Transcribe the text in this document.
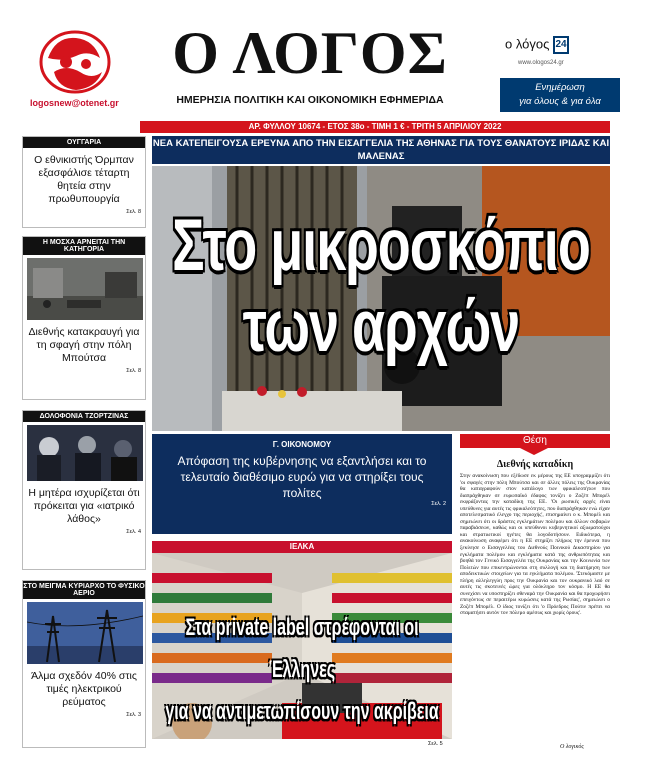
logosnew@otenet.gr
Ο ΛΟΓΟΣ
ΗΜΕΡΗΣΙΑ ΠΟΛΙΤΙΚΗ ΚΑΙ ΟΙΚΟΝΟΜΙΚΗ ΕΦΗΜΕΡΙΔΑ
ο λόγος 24
www.ologos24.gr
Ενημέρωση
για όλους & για όλα
ΑΡ. ΦΥΛΛΟΥ 10674 - ΕΤΟΣ 38ο - ΤΙΜΗ 1 € - ΤΡΙΤΗ 5 ΑΠΡΙΛΙΟΥ 2022
ΟΥΓΓΑΡΙΑ
Ο εθνικιστής Όρμπαν εξασφάλισε τέταρτη θητεία στην πρωθυπουργία
Σελ. 8
Η ΜΟΣΧΑ ΑΡΝΕΙΤΑΙ ΤΗΝ ΚΑΤΗΓΟΡΙΑ
Διεθνής κατακραυγή για τη σφαγή στην πόλη Μπoύτσα
Σελ. 8
ΔΟΛΟΦΟΝΙΑ ΤΖΟΡΤΖΙΝΑΣ
Η μητέρα ισχυρίζεται ότι πρόκειται για «ιατρικό λάθος»
Σελ. 4
ΣΤΟ ΜΕΙΓΜΑ ΚΥΡΙΑΡΧΟ ΤΟ ΦΥΣΙΚΟ ΑΕΡΙΟ
Άλμα σχεδόν 40% στις τιμές ηλεκτρικού ρεύματος
Σελ. 3
ΝΕΑ ΚΑΤΕΠΕΙΓΟΥΣΑ ΕΡΕΥΝΑ ΑΠΟ ΤΗΝ ΕΙΣΑΓΓΕΛΙΑ ΤΗΣ ΑΘΗΝΑΣ ΓΙΑ ΤΟΥΣ ΘΑΝΑΤΟΥΣ ΙΡΙΔΑΣ ΚΑΙ ΜΑΛΕΝΑΣ
Στο μικροσκόπιο
των αρχών
Γ. ΟΙΚΟΝΟΜΟΥ
Απόφαση της κυβέρνησης να εξαντλήσει και το τελευταίο διαθέσιμο ευρώ για να στηρίξει τους πολίτες
Σελ. 2
Θέση
Διεθνής καταδίκη
Στην ανακοίνωση που εξέδωσε εκ μέρους της ΕΕ υπογραμμίζει ότι 'οι σφαγές στην πόλη Μπούτσα και σε άλλες πόλεις της Ουκρανίας θα καταγραφούν στον κατάλογο των φρικαλεοτήτων που διαπράχθηκαν σε ευρωπαϊκό έδαφος τονίζει ο Ζοζέπ Μπορέλ εκφράζοντας την καταδίκη της ΕΕ. 'Οι ρωσικές αρχές είναι υπεύθυνες για αυτές τις φρικαλεότητες, που διαπράχθηκαν ενώ είχαν αποτελεσματικό έλεγχο της περιοχής', επισημαίνει ο κ. Μπορέλ και σημειώνει ότι οι δράστες εγκλημάτων πολέμου και άλλων σοβαρών παραβιάσεων, καθώς και οι υπεύθυνοι κυβερνητικοί αξιωματούχοι και στρατιωτικοί ηγέτες θα λογοδοτήσουν. Ειδικότερα, η ανακοίνωση αναφέρει ότι η ΕΕ στηρίζει πλήρως την έρευνα που ξεκίνησε ο Εισαγγελέας του Διεθνούς Ποινικού Δικαστηρίου για εγκλήματα πολέμου και εγκλήματα κατά της ανθρωπότητας και βοηθά τον Γενικό Εισαγγελέα της Ουκρανίας και την Κοινωνία των Πολιτών που επικεντρώνονται στη συλλογή και τη διατήρηση των αποδεικτικών στοιχείων για τα εγκλήματα πολέμου. 'Στεκόμαστε με πλήρη αλληλεγγύη προς την Ουκρανία και τον ουκρανικό λαό σε αυτές τις σκοτεινές ώρες για ολόκληρο τον κόσμο. Η ΕΕ θα συνεχίσει να υποστηρίζει σθεναρά την Ουκρανία και θα προχωρήσει επειγόντως σε περαιτέρω κυρώσεις κατά της Ρωσίας', σημειώνει ο Ζοζέπ Μπορέλ. Ο ίδιος τονίζει ότι 'ο Πρόεδρος Πούτιν πρέπει να σταματήσει αυτόν τον πόλεμο αμέσως και χωρίς όρους'.
Ο λογικός
ΙΕΛΚΑ
Στα private label στρέφονται οι Έλληνες
για να αντιμετωπίσουν την ακρίβεια
Σελ. 5
